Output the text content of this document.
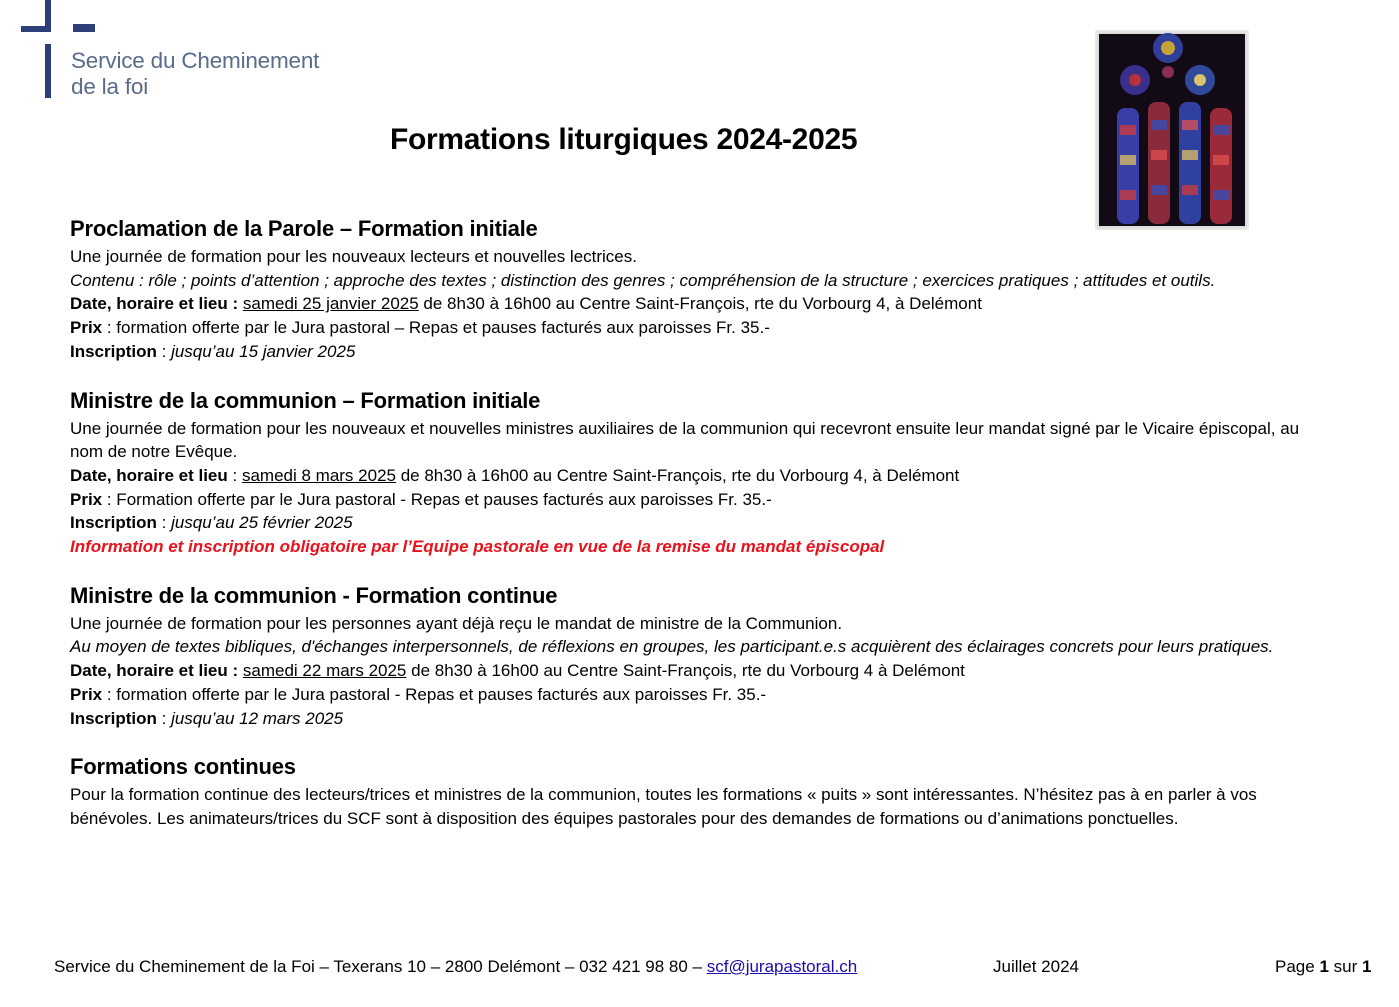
Service du Cheminement
de la foi
Formations liturgiques 2024-2025
Proclamation de la Parole – Formation initiale

Une journée de formation pour les nouveaux lecteurs et nouvelles lectrices.

Contenu : rôle ; points d’attention ; approche des textes ; distinction des genres ; compréhension de la structure ; exercices pratiques ; attitudes et outils.

Date, horaire et lieu : samedi 25 janvier 2025 de 8h30 à 16h00 au Centre Saint-François, rte du Vorbourg 4, à Delémont

Prix : formation offerte par le Jura pastoral – Repas et pauses facturés aux paroisses Fr. 35.-

Inscription : jusqu’au 15 janvier 2025

Ministre de la communion – Formation initiale

Une journée de formation pour les nouveaux et nouvelles ministres auxiliaires de la communion qui recevront ensuite leur mandat signé par le Vicaire épiscopal, au nom de notre Evêque.

Date, horaire et lieu : samedi 8 mars 2025 de 8h30 à 16h00 au Centre Saint-François, rte du Vorbourg 4, à Delémont

Prix : Formation offerte par le Jura pastoral - Repas et pauses facturés aux paroisses Fr. 35.-

Inscription : jusqu’au 25 février 2025

Information et inscription obligatoire par l’Equipe pastorale en vue de la remise du mandat épiscopal

Ministre de la communion - Formation continue

Une journée de formation pour les personnes ayant déjà reçu le mandat de ministre de la Communion.

Au moyen de textes bibliques, d'échanges interpersonnels, de réflexions en groupes, les participant.e.s acquièrent des éclairages concrets pour leurs pratiques.

Date, horaire et lieu : samedi 22 mars 2025 de 8h30 à 16h00 au Centre Saint-François, rte du Vorbourg 4 à Delémont

Prix : formation offerte par le Jura pastoral - Repas et pauses facturés aux paroisses Fr. 35.-

Inscription : jusqu’au 12 mars 2025

Formations continues

Pour la formation continue des lecteurs/trices et ministres de la communion, toutes les formations « puits » sont intéressantes. N’hésitez pas à en parler à vos bénévoles. Les animateurs/trices du SCF sont à disposition des équipes pastorales pour des demandes de formations ou d’animations ponctuelles.

Service du Cheminement de la Foi – Texerans 10 – 2800 Delémont – 032 421 98 80 – scf@jurapastoral.ch	Juillet 2024	Page 1 sur 1
